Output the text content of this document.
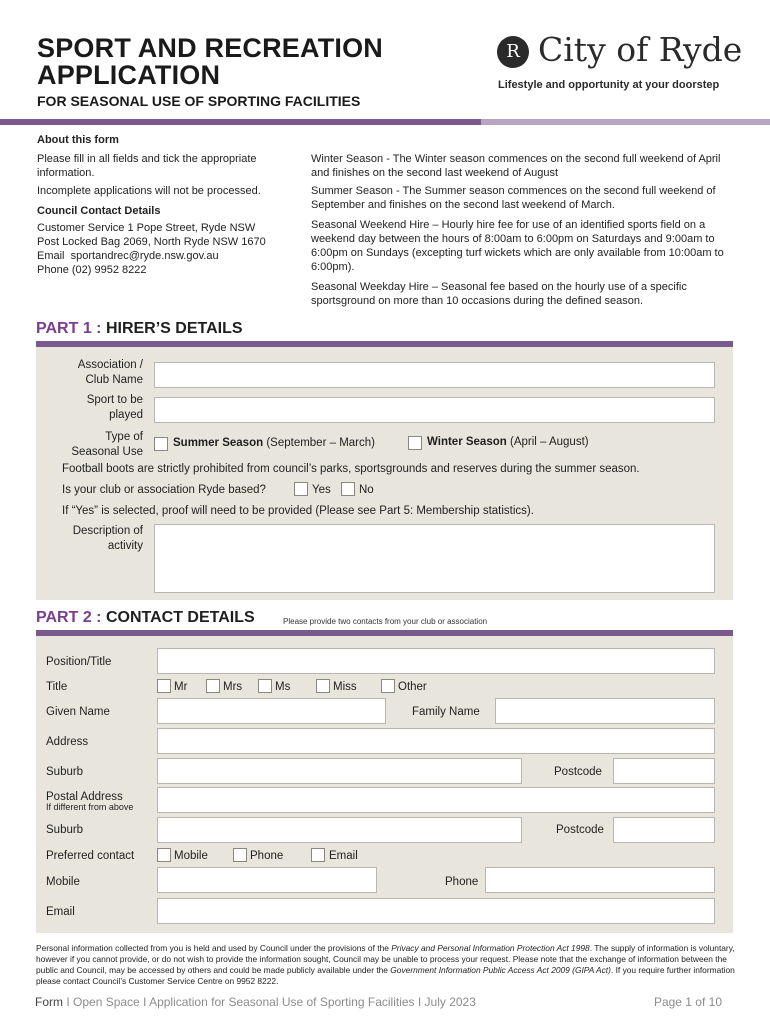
SPORT AND RECREATION
APPLICATION
FOR SEASONAL USE OF SPORTING FACILITIES
R City of Ryde
Lifestyle and opportunity at your doorstep
About this form
Please fill in all fields and tick the appropriate information.
Incomplete applications will not be processed.
Council Contact Details
Customer Service 1 Pope Street, Ryde NSW
Post Locked Bag 2069, North Ryde NSW 1670
Email sportandrec@ryde.nsw.gov.au
Phone (02) 9952 8222
Winter Season - The Winter season commences on the second full weekend of April and finishes on the second last weekend of August
Summer Season - The Summer season commences on the second full weekend of September and finishes on the second last weekend of March.
Seasonal Weekend Hire – Hourly hire fee for use of an identified sports field on a weekend day between the hours of 8:00am to 6:00pm on Saturdays and 9:00am to 6:00pm on Sundays (excepting turf wickets which are only available from 10:00am to 6:00pm).
Seasonal Weekday Hire – Seasonal fee based on the hourly use of a specific sportsground on more than 10 occasions during the defined season.
PART 1 : HIRER’S DETAILS
Association /
Club Name
Sport to be
played
Type of
Seasonal Use
Summer Season (September – March)	Winter Season (April – August)
Football boots are strictly prohibited from council’s parks, sportsgrounds and reserves during the summer season.
Is your club or association Ryde based?	Yes No
If “Yes” is selected, proof will need to be provided (Please see Part 5: Membership statistics).
Description of
activity
PART 2 : CONTACT DETAILS	Please provide two contacts from your club or association
Position/Title
Title	Mr	Mrs	Ms	Miss	Other
Given Name	Family Name
Address
Suburb	Postcode
Postal Address
If different from above
Suburb	Postcode
Preferred contact	Mobile	Phone	Email
Mobile	Phone
Email
Personal information collected from you is held and used by Council under the provisions of the Privacy and Personal Information Protection Act 1998. The supply of information is voluntary, however if you cannot provide, or do not wish to provide the information sought, Council may be unable to process your request. Please note that the exchange of information between the public and Council, may be accessed by others and could be made publicly available under the Government Information Public Access Act 2009 (GIPA Act). If you require further information please contact Council’s Customer Service Centre on 9952 8222.
Form I Open Space I Application for Seasonal Use of Sporting Facilities I July 2023	Page 1 of 10
